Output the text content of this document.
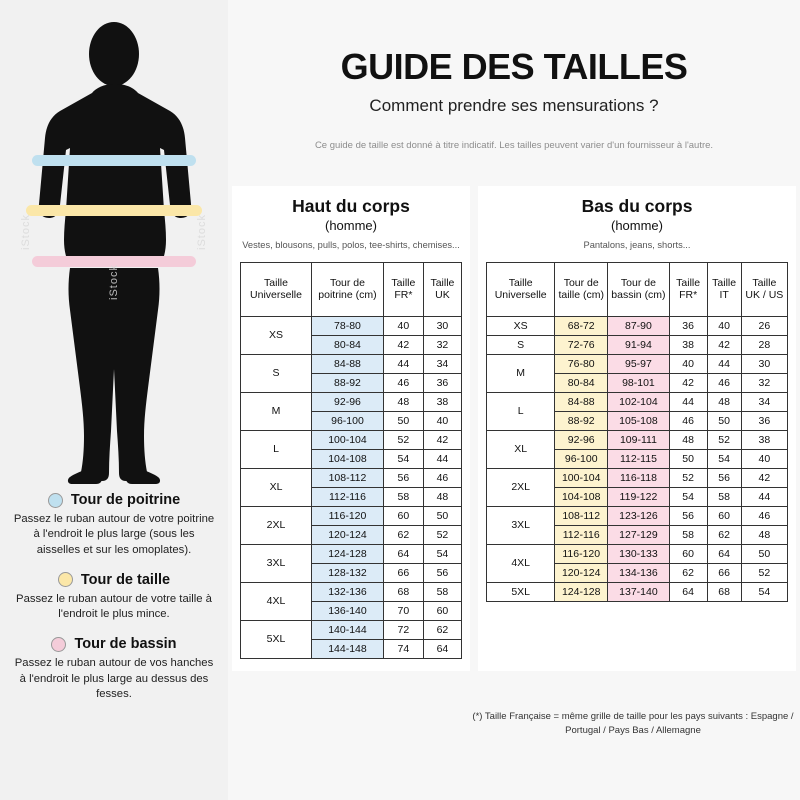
iStock	iStock
iStock
Tour de poitrine
Passez le ruban autour de votre poitrine à l'endroit le plus large (sous les aisselles et sur les omoplates).
Tour de taille
Passez le ruban autour de votre taille à l'endroit le plus mince.
Tour de bassin
Passez le ruban autour de vos hanches à l'endroit le plus large au dessus des fesses.
GUIDE DES TAILLES
Comment prendre ses mensurations ?
Ce guide de taille est donné à titre indicatif. Les tailles peuvent varier d'un fournisseur à l'autre.
Haut du corps
(homme)
Vestes, blousons, pulls, polos, tee-shirts, chemises...
Taille Universelle	Tour de poitrine (cm)	Taille FR*	Taille UK
XS	78-80	40	30
	80-84	42	32
S	84-88	44	34
	88-92	46	36
M	92-96	48	38
	96-100	50	40
L	100-104	52	42
	104-108	54	44
XL	108-112	56	46
	112-116	58	48
2XL	116-120	60	50
	120-124	62	52
3XL	124-128	64	54
	128-132	66	56
4XL	132-136	68	58
	136-140	70	60
5XL	140-144	72	62
	144-148	74	64
Bas du corps
(homme)
Pantalons, jeans, shorts...
Taille Universelle	Tour de taille (cm)	Tour de bassin (cm)	Taille FR*	Taille IT	Taille UK / US
XS	68-72	87-90	36	40	26
S	72-76	91-94	38	42	28
M	76-80	95-97	40	44	30
	80-84	98-101	42	46	32
L	84-88	102-104	44	48	34
	88-92	105-108	46	50	36
XL	92-96	109-111	48	52	38
	96-100	112-115	50	54	40
2XL	100-104	116-118	52	56	42
	104-108	119-122	54	58	44
3XL	108-112	123-126	56	60	46
	112-116	127-129	58	62	48
4XL	116-120	130-133	60	64	50
	120-124	134-136	62	66	52
5XL	124-128	137-140	64	68	54
(*) Taille Française = même grille de taille pour les pays suivants : Espagne / Portugal / Pays Bas / Allemagne
